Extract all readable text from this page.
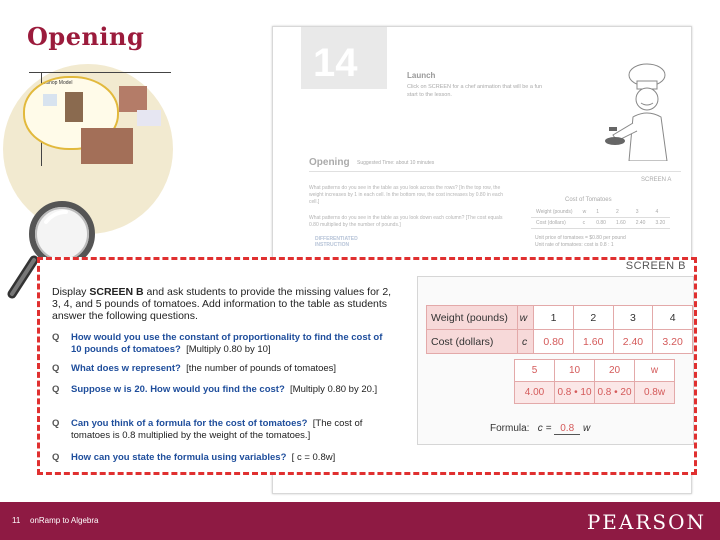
Opening
Workshop Model	14	Launch
Click on SCREEN for a chef animation that will be a fun start to the lesson.
Opening Suggested Time: about 10 minutes
SCREEN A
What patterns do you see in the table as you look across the rows? [In the top row, the weight increases by 1 in each cell. In the bottom row, the cost increases by 0.80 in each cell.]
What patterns do you see in the table as you look down each column? [The cost equals 0.80 multiplied by the number of pounds.]
DIFFERENTIATED INSTRUCTION
Cost of Tomatoes
Weight (pounds)	w	1	2	3	4
Cost (dollars)	c	0.80	1.60	2.40	3.20
Unit price of tomatoes = $0.80 per pound
Unit rate of tomatoes: cost is 0.8 : 1
SCREEN B
Display SCREEN B and ask students to provide the missing values for 2, 3, 4, and 5 pounds of tomatoes. Add information to the table as students answer the following questions.
Q	How would you use the constant of proportionality to find the cost of 10 pounds of tomatoes? [Multiply 0.80 by 10]
Q	What does w represent? [the number of pounds of tomatoes]
Q	Suppose w is 20. How would you find the cost? [Multiply 0.80 by 20.]
Q	Can you think of a formula for the cost of tomatoes? [The cost of tomatoes is 0.8 multiplied by the weight of the tomatoes.]
Q	How can you state the formula using variables? [ c = 0.8w]
Weight (pounds)	w	1	2	3	4
Cost (dollars)	c	0.80	1.60	2.40	3.20
5	10	20	w
4.00	0.8 • 10	0.8 • 20	0.8w
Formula: c = 0.8 w
11 onRamp to Algebra	PEARSON
